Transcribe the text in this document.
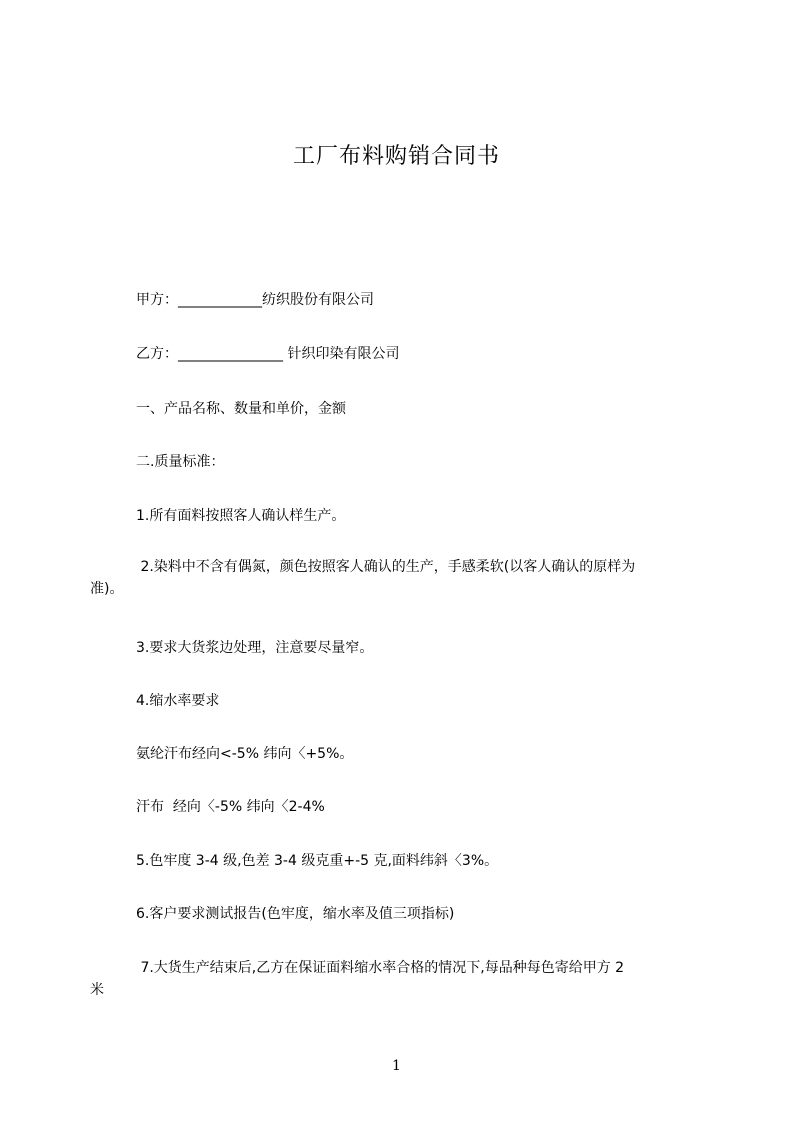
工厂布料购销合同书
甲方：____________纺织股份有限公司
乙方：_______________ 针织印染有限公司
一、产品名称、数量和单价，金额
二.质量标准：
1.所有面料按照客人确认样生产。
2.染料中不含有偶氮，颜色按照客人确认的生产，手感柔软(以客人确认的原样为
准)。
3.要求大货浆边处理，注意要尽量窄。
4.缩水率要求
氨纶汗布经向<-5% 纬向〈+5%。
汗布  经向〈-5% 纬向〈2-4%
5.色牢度 3-4 级,色差 3-4 级克重+-5 克,面料纬斜〈3%。
6.客户要求测试报告(色牢度，缩水率及值三项指标)
7.大货生产结束后,乙方在保证面料缩水率合格的情况下,每品种每色寄给甲方 2
米
1
